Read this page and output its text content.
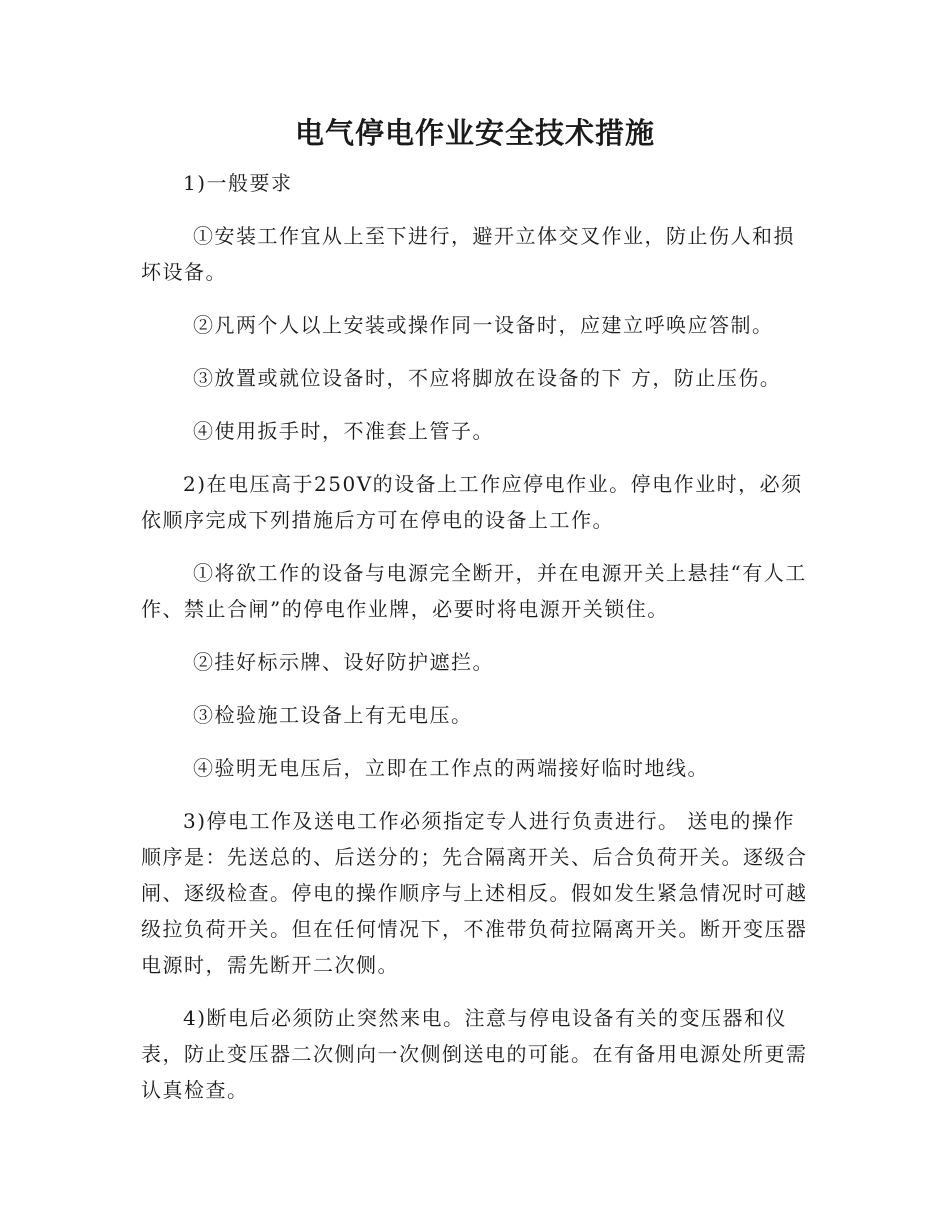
电气停电作业安全技术措施

1)一般要求

①安装工作宜从上至下进行，避开立体交叉作业，防止伤人和损坏设备。

②凡两个人以上安装或操作同一设备时，应建立呼唤应答制。

③放置或就位设备时，不应将脚放在设备的下 方，防止压伤。

④使用扳手时，不准套上管子。

2)在电压高于250V的设备上工作应停电作业。停电作业时，必须依顺序完成下列措施后方可在停电的设备上工作。

①将欲工作的设备与电源完全断开，并在电源开关上悬挂“有人工作、禁止合闸”的停电作业牌，必要时将电源开关锁住。

②挂好标示牌、设好防护遮拦。

③检验施工设备上有无电压。

④验明无电压后，立即在工作点的两端接好临时地线。

3)停电工作及送电工作必须指定专人进行负责进行。 送电的操作顺序是：先送总的、后送分的；先合隔离开关、后合负荷开关。逐级合闸、逐级检查。停电的操作顺序与上述相反。假如发生紧急情况时可越级拉负荷开关。但在任何情况下，不准带负荷拉隔离开关。断开变压器电源时，需先断开二次侧。

4)断电后必须防止突然来电。注意与停电设备有关的变压器和仪表，防止变压器二次侧向一次侧倒送电的可能。在有备用电源处所更需认真检查。
